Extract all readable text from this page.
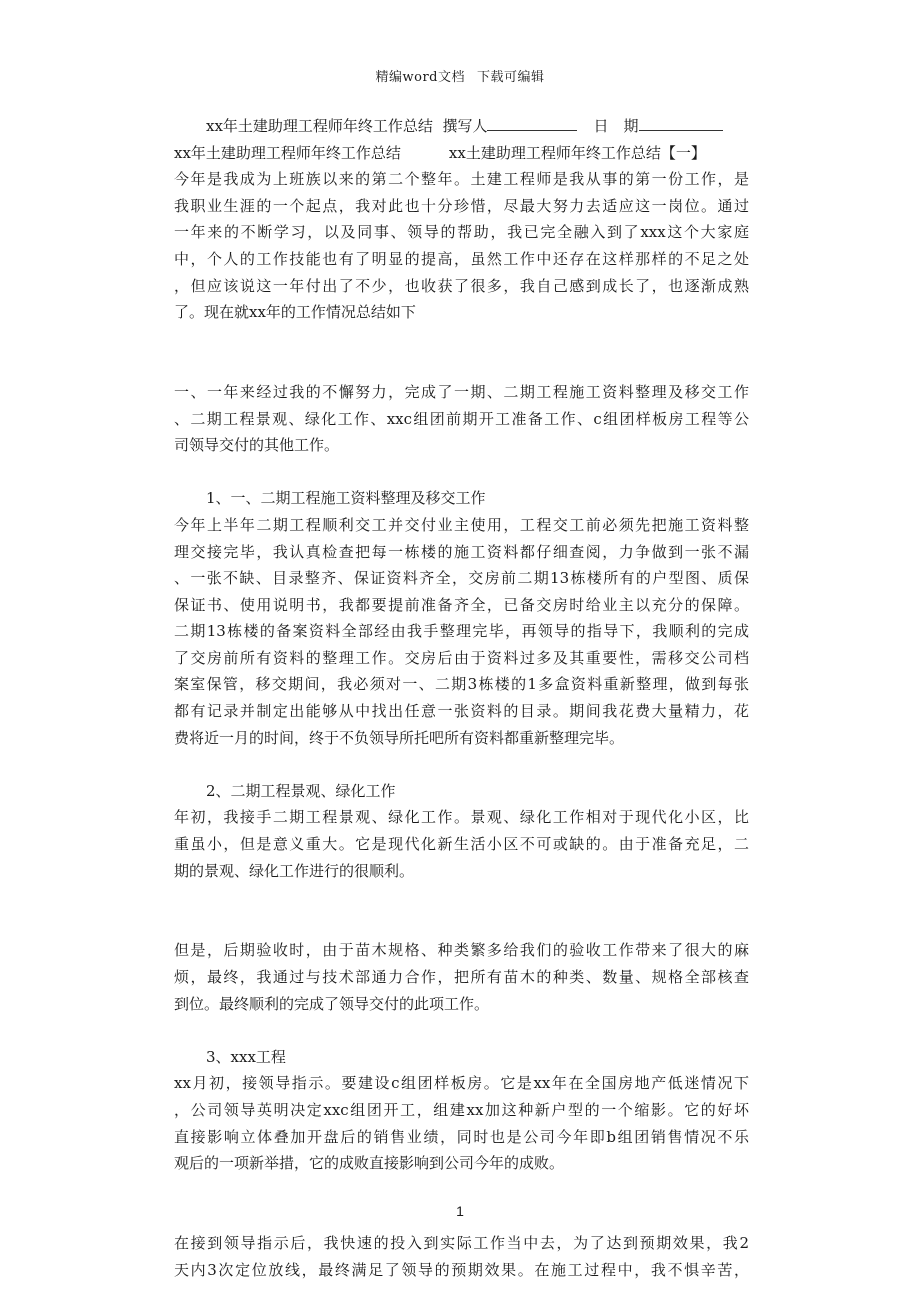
精编word文档 下载可编辑
xx年土建助理工程师年终工作总结 撰写人	日　期
xx年土建助理工程师年终工作总结	xx土建助理工程师年终工作总结【一】
今年是我成为上班族以来的第二个整年。土建工程师是我从事的第一份工作，是
我职业生涯的一个起点，我对此也十分珍惜，尽最大努力去适应这一岗位。通过
一年来的不断学习，以及同事、领导的帮助，我已完全融入到了xxx这个大家庭
中，个人的工作技能也有了明显的提高，虽然工作中还存在这样那样的不足之处
，但应该说这一年付出了不少，也收获了很多，我自己感到成长了，也逐渐成熟
了。现在就xx年的工作情况总结如下
一、一年来经过我的不懈努力，完成了一期、二期工程施工资料整理及移交工作
、二期工程景观、绿化工作、xxc组团前期开工准备工作、c组团样板房工程等公
司领导交付的其他工作。
1、一、二期工程施工资料整理及移交工作
今年上半年二期工程顺利交工并交付业主使用，工程交工前必须先把施工资料整
理交接完毕，我认真检查把每一栋楼的施工资料都仔细查阅，力争做到一张不漏
、一张不缺、目录整齐、保证资料齐全，交房前二期13栋楼所有的户型图、质保
保证书、使用说明书，我都要提前准备齐全，已备交房时给业主以充分的保障。
二期13栋楼的备案资料全部经由我手整理完毕，再领导的指导下，我顺利的完成
了交房前所有资料的整理工作。交房后由于资料过多及其重要性，需移交公司档
案室保管，移交期间，我必须对一、二期3栋楼的1多盒资料重新整理，做到每张
都有记录并制定出能够从中找出任意一张资料的目录。期间我花费大量精力，花
费将近一月的时间，终于不负领导所托吧所有资料都重新整理完毕。
2、二期工程景观、绿化工作
年初，我接手二期工程景观、绿化工作。景观、绿化工作相对于现代化小区，比
重虽小，但是意义重大。它是现代化新生活小区不可或缺的。由于准备充足，二
期的景观、绿化工作进行的很顺利。
但是，后期验收时，由于苗木规格、种类繁多给我们的验收工作带来了很大的麻
烦，最终，我通过与技术部通力合作，把所有苗木的种类、数量、规格全部核查
到位。最终顺利的完成了领导交付的此项工作。
3、xxx工程
xx月初，接领导指示。要建设c组团样板房。它是xx年在全国房地产低迷情况下
，公司领导英明决定xxc组团开工，组建xx加这种新户型的一个缩影。它的好坏
直接影响立体叠加开盘后的销售业绩，同时也是公司今年即b组团销售情况不乐
观后的一项新举措，它的成败直接影响到公司今年的成败。
在接到领导指示后，我快速的投入到实际工作当中去，为了达到预期效果，我2
天内3次定位放线，最终满足了领导的预期效果。在施工过程中，我不惧辛苦，
1
